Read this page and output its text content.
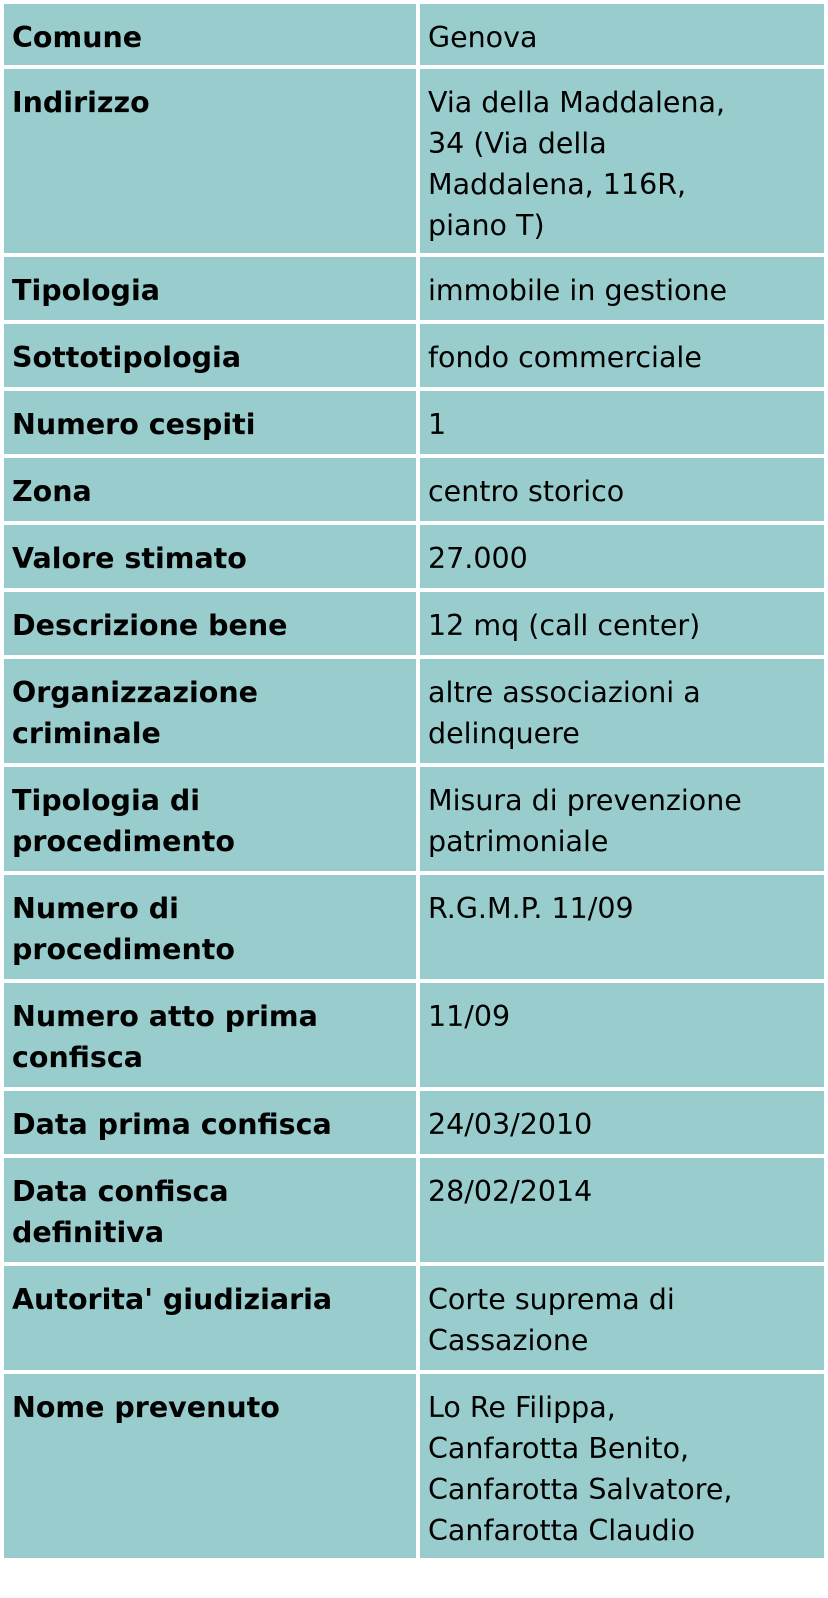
Comune	Genova

Indirizzo	Via della Maddalena,
34 (Via della
Maddalena, 116R,
piano T)

Tipologia	immobile in gestione

Sottotipologia	fondo commerciale

Numero cespiti	1

Zona	centro storico

Valore stimato	27.000

Descrizione bene	12 mq (call center)

Organizzazione
criminale	altre associazioni a
delinquere

Tipologia di
procedimento	Misura di prevenzione
patrimoniale

Numero di
procedimento	R.G.M.P. 11/09

Numero atto prima
confisca	11/09

Data prima confisca	24/03/2010

Data confisca
definitiva	28/02/2014

Autorita' giudiziaria	Corte suprema di
Cassazione

Nome prevenuto	Lo Re Filippa,
Canfarotta Benito,
Canfarotta Salvatore,
Canfarotta Claudio
